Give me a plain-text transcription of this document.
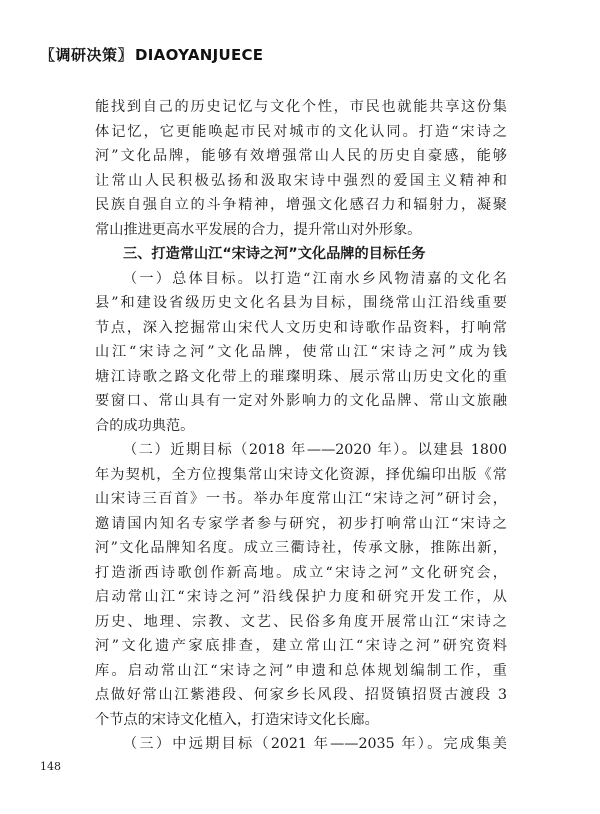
〖调研决策〗 DIAOYANJUECE
能找到自己的历史记忆与文化个性，市民也就能共享这份集
体记忆，它更能唤起市民对城市的文化认同。打造“宋诗之
河”文化品牌，能够有效增强常山人民的历史自豪感，能够
让常山人民积极弘扬和汲取宋诗中强烈的爱国主义精神和
民族自强自立的斗争精神，增强文化感召力和辐射力，凝聚
常山推进更高水平发展的合力，提升常山对外形象。
三、打造常山江“宋诗之河”文化品牌的目标任务
（一）总体目标。以打造“江南水乡风物清嘉的文化名
县”和建设省级历史文化名县为目标，围绕常山江沿线重要
节点，深入挖掘常山宋代人文历史和诗歌作品资料，打响常
山江“宋诗之河”文化品牌，使常山江“宋诗之河”成为钱
塘江诗歌之路文化带上的璀璨明珠、展示常山历史文化的重
要窗口、常山具有一定对外影响力的文化品牌、常山文旅融
合的成功典范。
（二）近期目标（2018 年——2020 年）。以建县 1800
年为契机，全方位搜集常山宋诗文化资源，择优编印出版《常
山宋诗三百首》一书。举办年度常山江“宋诗之河”研讨会，
邀请国内知名专家学者参与研究，初步打响常山江“宋诗之
河”文化品牌知名度。成立三衢诗社，传承文脉，推陈出新，
打造浙西诗歌创作新高地。成立“宋诗之河”文化研究会，
启动常山江“宋诗之河”沿线保护力度和研究开发工作，从
历史、地理、宗教、文艺、民俗多角度开展常山江“宋诗之
河”文化遗产家底排查，建立常山江“宋诗之河”研究资料
库。启动常山江“宋诗之河”申遗和总体规划编制工作，重
点做好常山江紫港段、何家乡长风段、招贤镇招贤古渡段 3
个节点的宋诗文化植入，打造宋诗文化长廊。
（三）中远期目标（2021 年——2035 年）。完成集美
148
